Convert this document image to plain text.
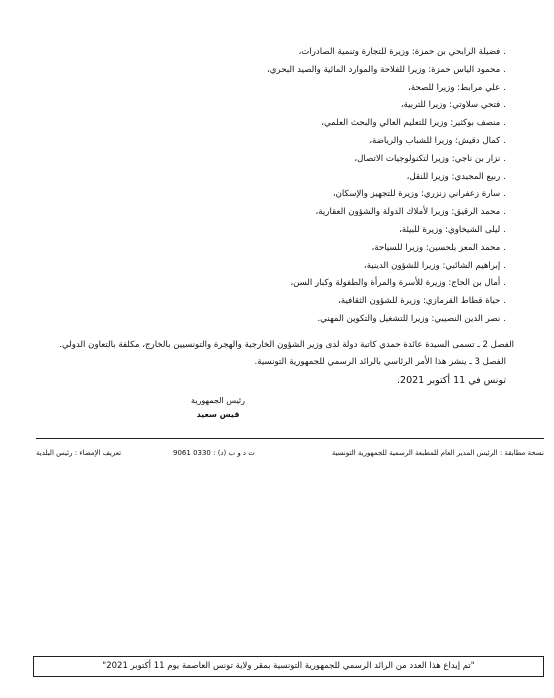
.فضيلة الرابحي بن حمزة: وزيرة للتجارة وتنمية الصادرات،
.محمود الياس حمزة: وزيرا للفلاحة والموارد المائية والصيد البحري،
.علي مرابط: وزيرا للصحة،
.فتحي سلاوتي: وزيرا للتربية،
.منصف بوكثير: وزيرا للتعليم العالي والبحث العلمي،
.كمال دقيش: وزيرا للشباب والرياضة،
.نزار بن ناجي: وزيرا لتكنولوجيات الاتصال،
.ربيع المجيدي: وزيرا للنقل،
.سارة زعفراني زنزري: وزيرة للتجهيز والإسكان،
.محمد الرقيق: وزيرا لأملاك الدولة والشؤون العقارية،
.ليلى الشيخاوي: وزيرة للبيئة،
.محمد المعز بلحسين: وزيرا للسياحة،
.إبراهيم الشائبي: وزيرا للشؤون الدينية،
.أمال بن الحاج: وزيرة للأسرة والمرأة والطفولة وكبار السن،
.حياة قطاط القرمازي: وزيرة للشؤون الثقافية،
.نصر الدين النصيبي: وزيرا للتشغيل والتكوين المهني.
الفصل 2 ـ تسمى السيدة عائدة حمدي كاتبة دولة لدى وزير الشؤون الخارجية والهجرة والتونسيين بالخارج، مكلفة بالتعاون الدولي.
الفصل 3 ـ ينشر هذا الأمر الرئاسي بالرائد الرسمي للجمهورية التونسية.
تونس في 11 أكتوبر 2021.
رئيس الجمهورية
قيس سعيد
نسخة مطابقة : الرئيس المدير العام للمطبعة الرسمية للجمهورية التونسية
ت د و ب (د) : 0330 9061
تعريف الإمضاء : رئيس البلدية
"تم إيداع هذا العدد من الرائد الرسمي للجمهورية التونسية بمقر ولاية تونس العاصمة يوم 11 أكتوبر 2021"
